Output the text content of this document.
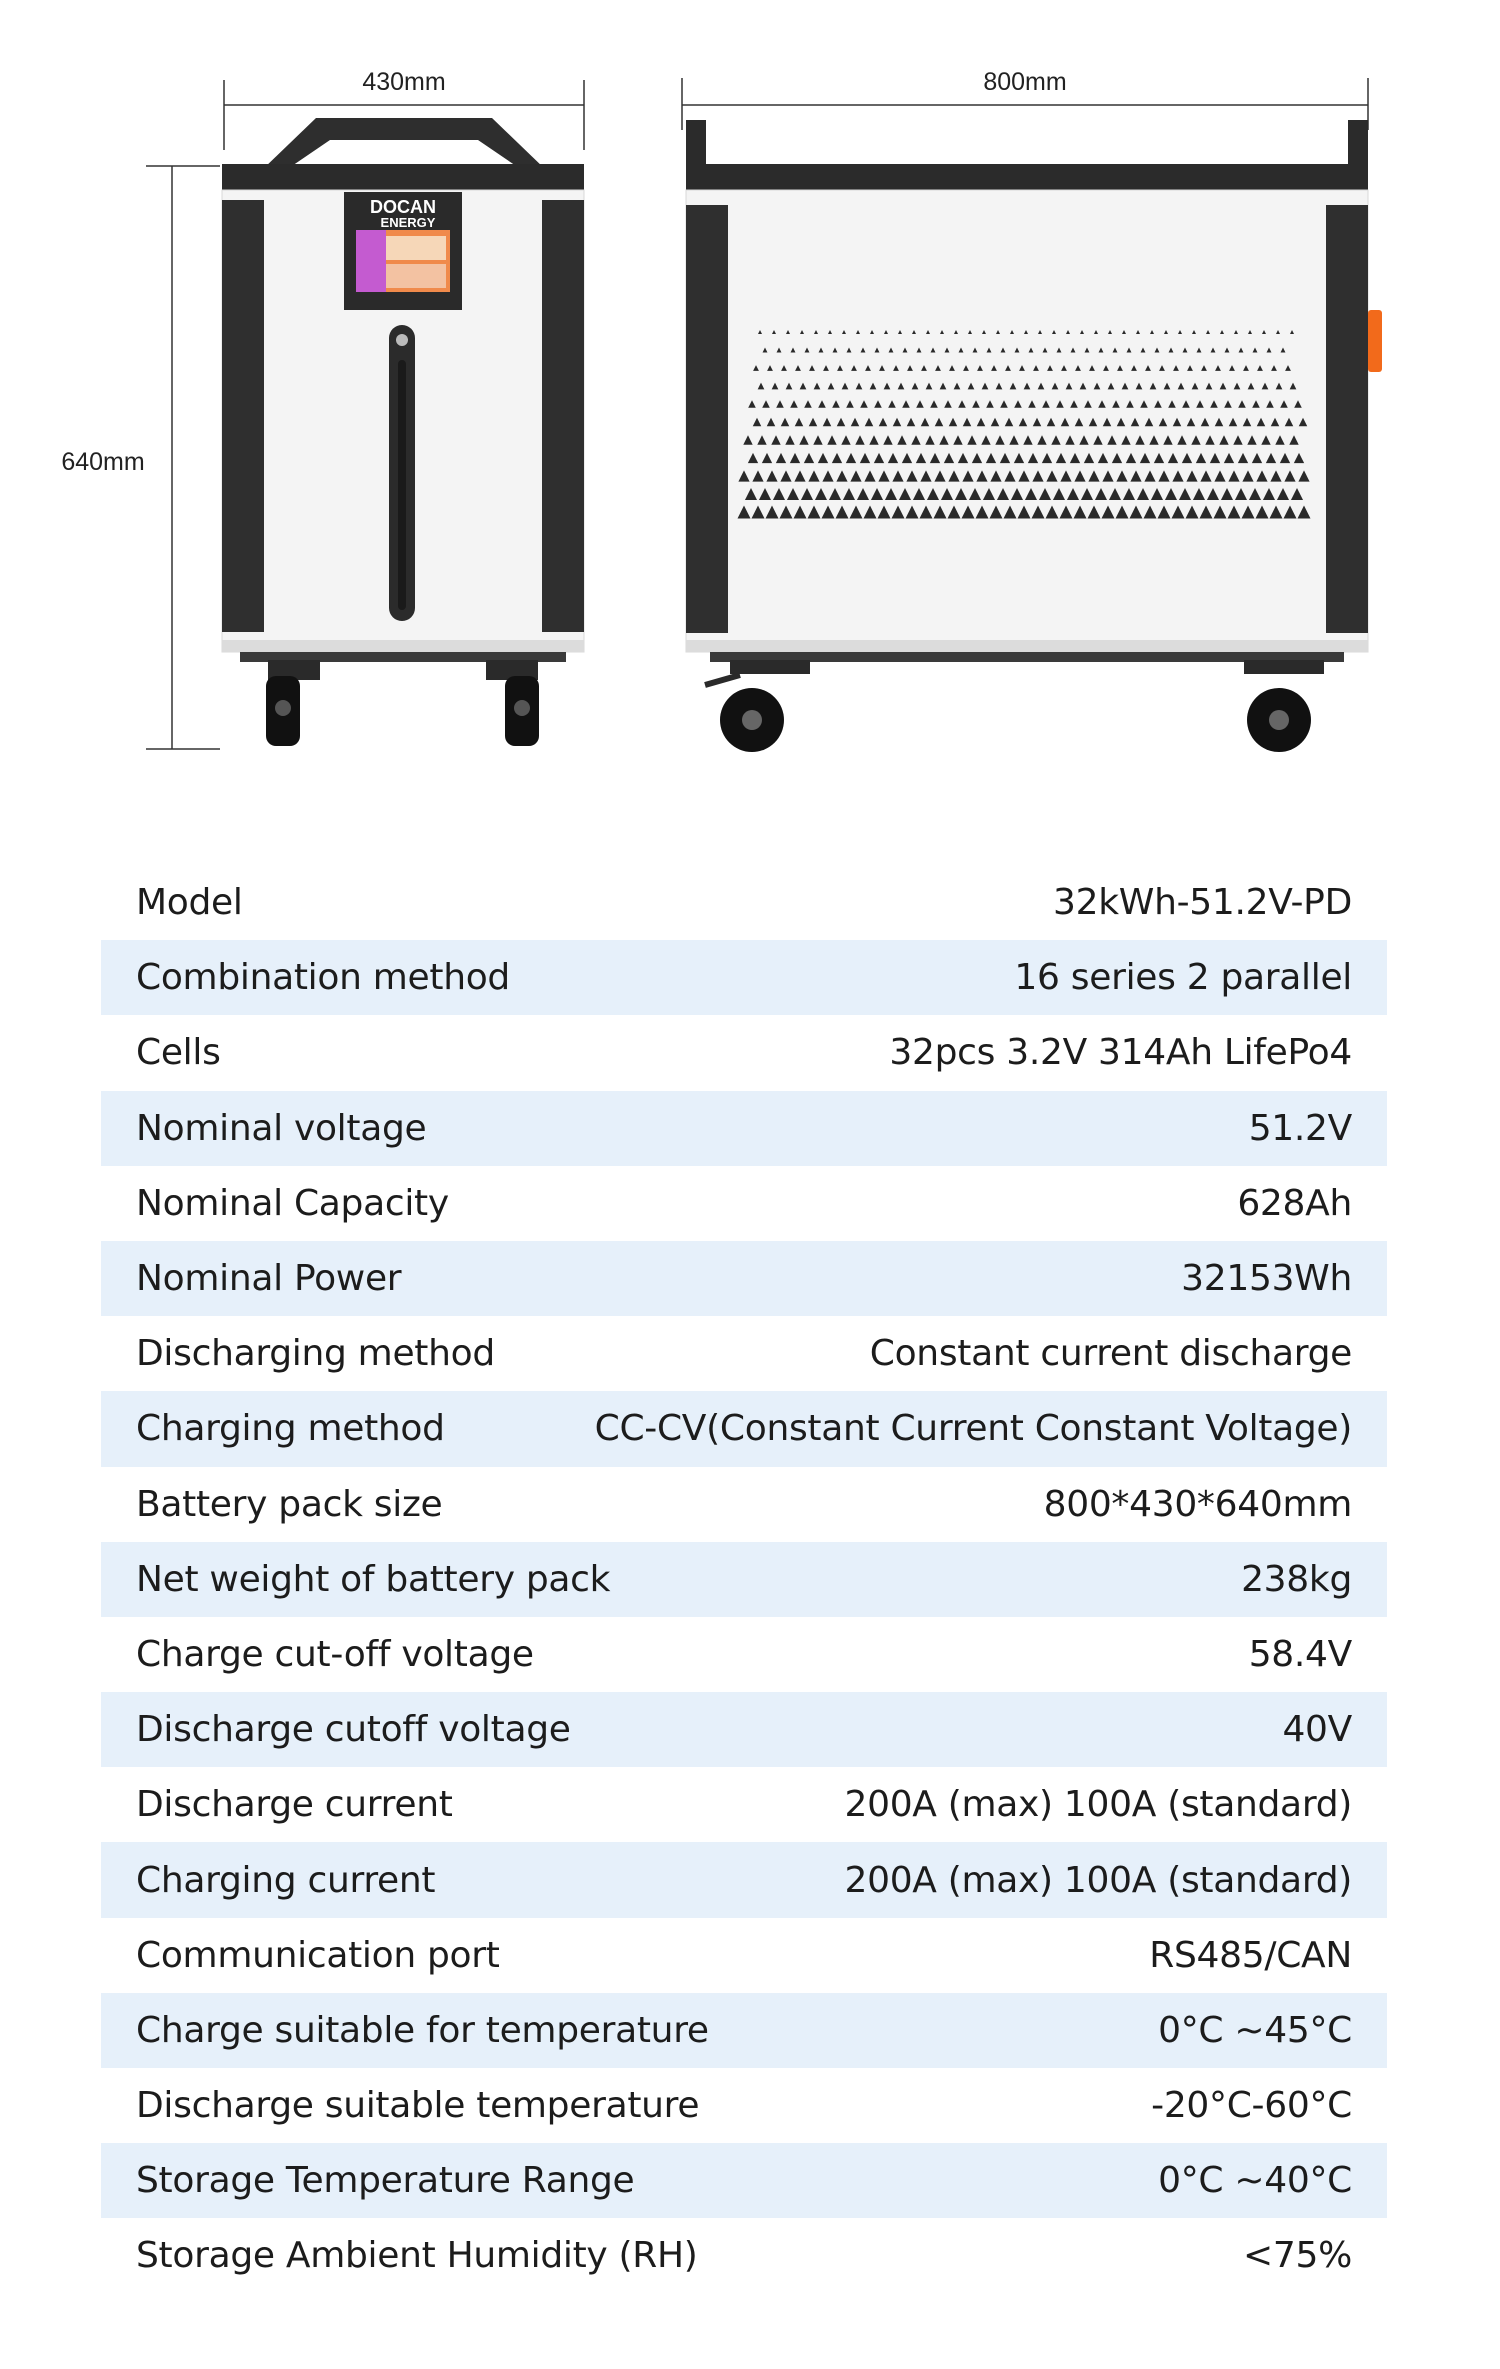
430mm
640mm
800mm
DOCAN
ENERGY
Model	32kWh-51.2V-PD
Combination method	16 series 2 parallel
Cells	32pcs 3.2V 314Ah LifePo4
Nominal voltage	51.2V
Nominal Capacity	628Ah
Nominal Power	32153Wh
Discharging method	Constant current discharge
Charging method	CC-CV(Constant Current Constant Voltage)
Battery pack size	800*430*640mm
Net weight of battery pack	238kg
Charge cut-off voltage	58.4V
Discharge cutoff voltage	40V
Discharge current	200A (max) 100A (standard)
Charging current	200A (max) 100A (standard)
Communication port	RS485/CAN
Charge suitable for temperature	0°C ~45°C
Discharge suitable temperature	-20°C-60°C
Storage Temperature Range	0°C ~40°C
Storage Ambient Humidity (RH)	<75%
